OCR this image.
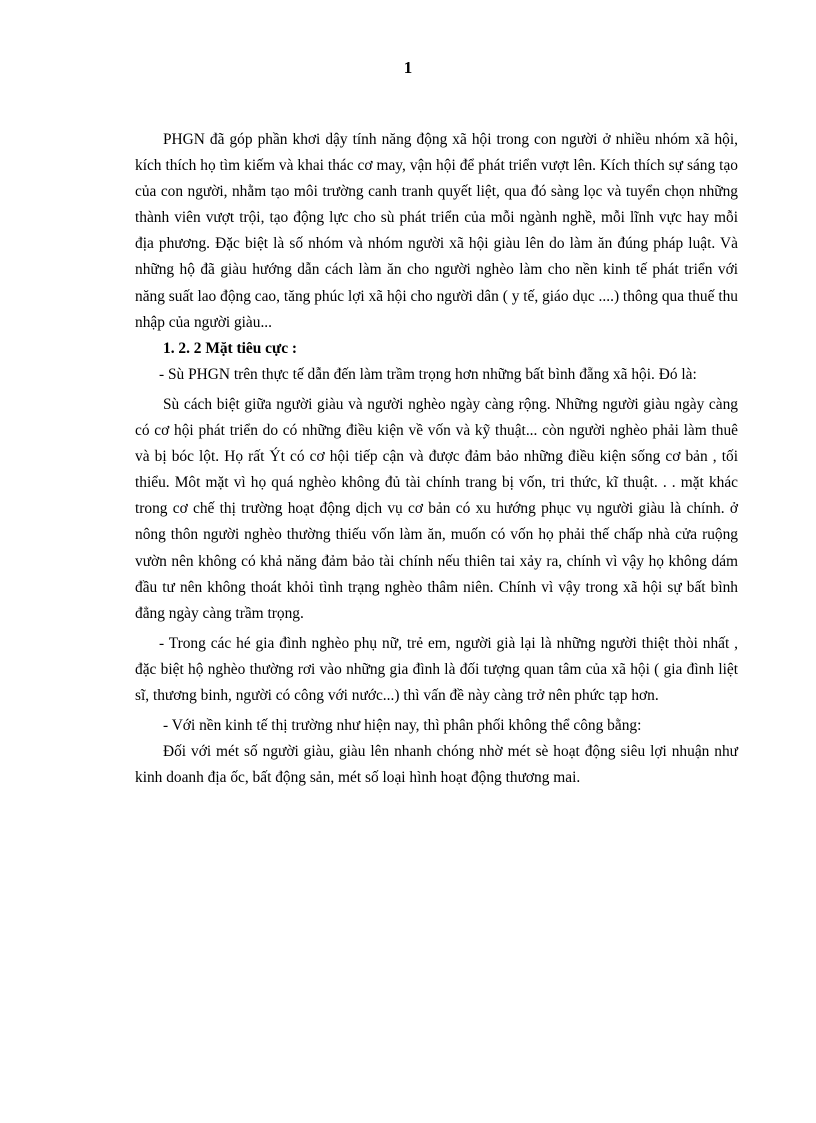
1

PHGN đã góp phần khơi dậy tính năng động xã hội trong con người ở nhiều nhóm xã hội, kích thích họ tìm kiếm và khai thác cơ may, vận hội để phát triển vượt lên. Kích thích sự sáng tạo của con người, nhằm tạo môi trường canh tranh quyết liệt, qua đó sàng lọc và tuyển chọn những thành viên vượt trội, tạo động lực cho sù phát triển của mỗi ngành nghề, mỗi lĩnh vực hay mỗi địa phương. Đặc biệt là số nhóm và nhóm người xã hội giàu lên do làm ăn đúng pháp luật. Và những hộ đã giàu hướng dẫn cách làm ăn cho người nghèo làm cho nền kinh tế phát triển với năng suất lao động cao, tăng phúc lợi xã hội cho người dân ( y tế, giáo dục ....) thông qua thuế thu nhập của người giàu...

1. 2. 2 Mặt tiêu cực :

- Sù PHGN trên thực tế dẫn đến làm trầm trọng hơn những bất bình đẵng xã hội. Đó là:

Sù cách biệt giữa người giàu và người nghèo ngày càng rộng. Những người giàu ngày càng có cơ hội phát triển do có những điều kiện về vốn và kỹ thuật... còn người nghèo phải làm thuê và bị bóc lột. Họ rất Ýt có cơ hội tiếp cận và được đảm bảo những điều kiện sống cơ bản , tối thiểu. Môt mặt vì họ quá nghèo không đủ tài chính trang bị vốn, tri thức, kĩ thuật. . . mặt khác trong cơ chế thị trường hoạt động dịch vụ cơ bản có xu hướng phục vụ người giàu là chính. ở nông thôn người nghèo thường thiếu vốn làm ăn, muốn có vốn họ phải thế chấp nhà cửa ruộng vườn nên không có khả năng đảm bảo tài chính nếu thiên tai xảy ra, chính vì vậy họ không dám đầu tư nên không thoát khỏi tình trạng nghèo thâm niên. Chính vì vậy trong xã hội sự bất bình đẳng ngày càng trầm trọng.

- Trong các hé gia đình nghèo phụ nữ, trẻ em, người già lại là những người thiệt thòi nhất , đặc biệt hộ nghèo thường rơi vào những gia đình là đối tượng quan tâm của xã hội ( gia đình liệt sĩ, thương binh, người có công với nước...) thì vấn đề này càng trở nên phức tạp hơn.

- Với nền kinh tế thị trường như hiện nay, thì phân phối không thể công bằng:

Đối với mét số người giàu, giàu lên nhanh chóng nhờ mét sè hoạt động siêu lợi nhuận như kinh doanh địa ốc, bất động sản, mét số loại hình hoạt động thương mai.
